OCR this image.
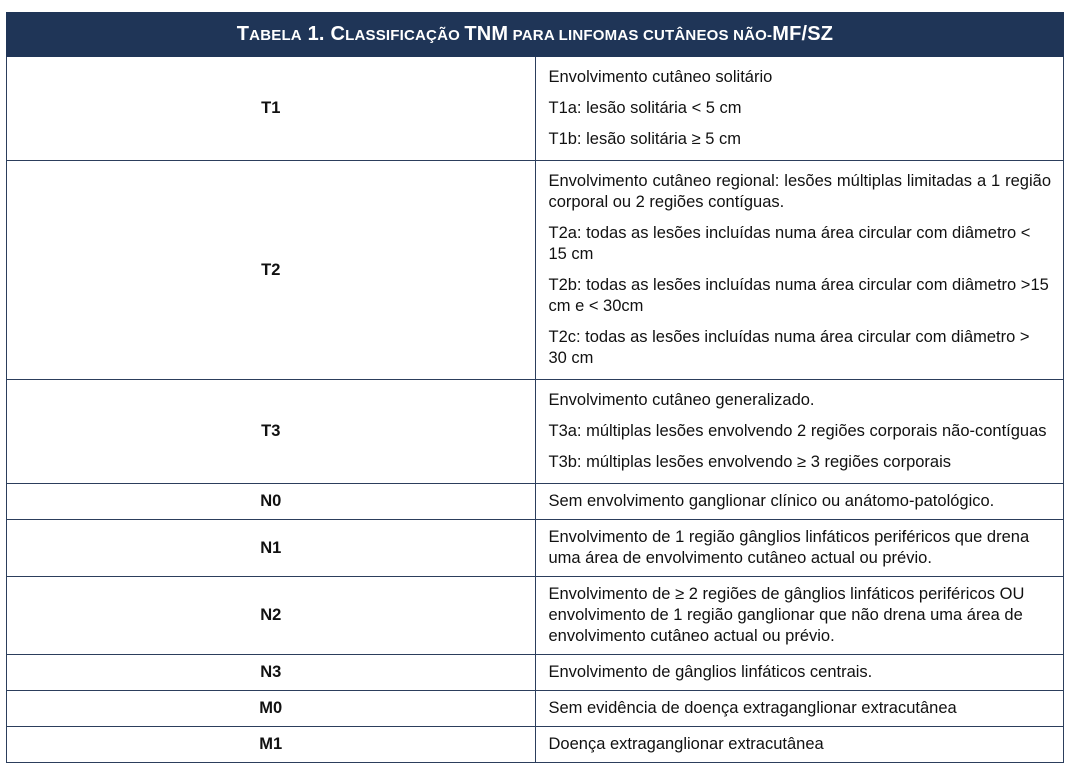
TABELA 1. CLASSIFICAÇÃO TNM PARA LINFOMAS CUTÂNEOS NÃO-MF/SZ	
T1	Envolvimento cutâneo solitário

T1a: lesão solitária < 5 cm

T1b: lesão solitária ≥ 5 cm

T2	Envolvimento cutâneo regional: lesões múltiplas limitadas a 1 região corporal ou 2 regiões contíguas.

T2a: todas as lesões incluídas numa área circular com diâmetro < 15 cm

T2b: todas as lesões incluídas numa área circular com diâmetro >15 cm e < 30cm

T2c: todas as lesões incluídas numa área circular com diâmetro > 30 cm

T3	Envolvimento cutâneo generalizado.

T3a: múltiplas lesões envolvendo 2 regiões corporais não-contíguas

T3b: múltiplas lesões envolvendo ≥ 3 regiões corporais

N0	Sem envolvimento ganglionar clínico ou anátomo-patológico.

N1	Envolvimento de 1 região gânglios linfáticos periféricos que drena uma área de envolvimento cutâneo actual ou prévio.

N2	Envolvimento de ≥ 2 regiões de gânglios linfáticos periféricos OU envolvimento de 1 região ganglionar que não drena uma área de envolvimento cutâneo actual ou prévio.

N3	Envolvimento de gânglios linfáticos centrais.

M0	Sem evidência de doença extraganglionar extracutânea

M1	Doença extraganglionar extracutânea
